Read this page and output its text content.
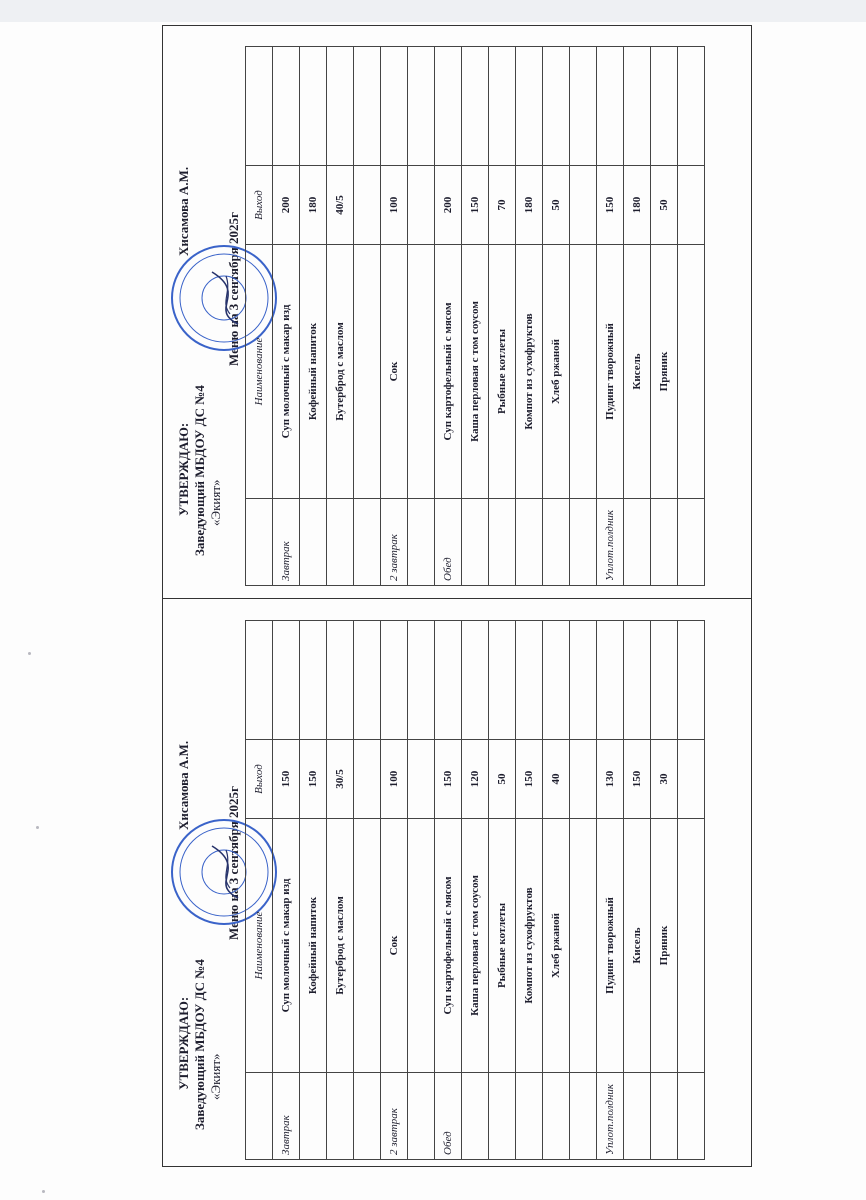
УТВЕРЖДАЮ: Заведующий МБДОУ ДС №4 «Экият»
Хисамова А.М.
Меню на 3 сентября 2025г
	Наименование	Выход	
Завтрак	Суп молочный с макар изд	200	
	Кофейный напиток	180	
	Бутерброд с маслом	40/5	

2 завтрак	Сок	100	

Обед	Суп картофельный с мясом	200	
	Каша перловая с том соусом	150	
	Рыбные котлеты	70	
	Компот из сухофруктов	180	
	Хлеб ржаной	50	

Уплот.полдник	Пудинг творожный	150	
	Кисель	180	
	Пряник	50	

УТВЕРЖДАЮ: Заведующий МБДОУ ДС №4 «Экият»
Хисамова А.М.
Меню на 3 сентября 2025г
	Наименование	Выход	
Завтрак	Суп молочный с макар изд	150	
	Кофейный напиток	150	
	Бутерброд с маслом	30/5	

2 завтрак	Сок	100	

Обед	Суп картофельный с мясом	150	
	Каша перловая с том соусом	120	
	Рыбные котлеты	50	
	Компот из сухофруктов	150	
	Хлеб ржаной	40	

Уплот.полдник	Пудинг творожный	130	
	Кисель	150	
	Пряник	30	
